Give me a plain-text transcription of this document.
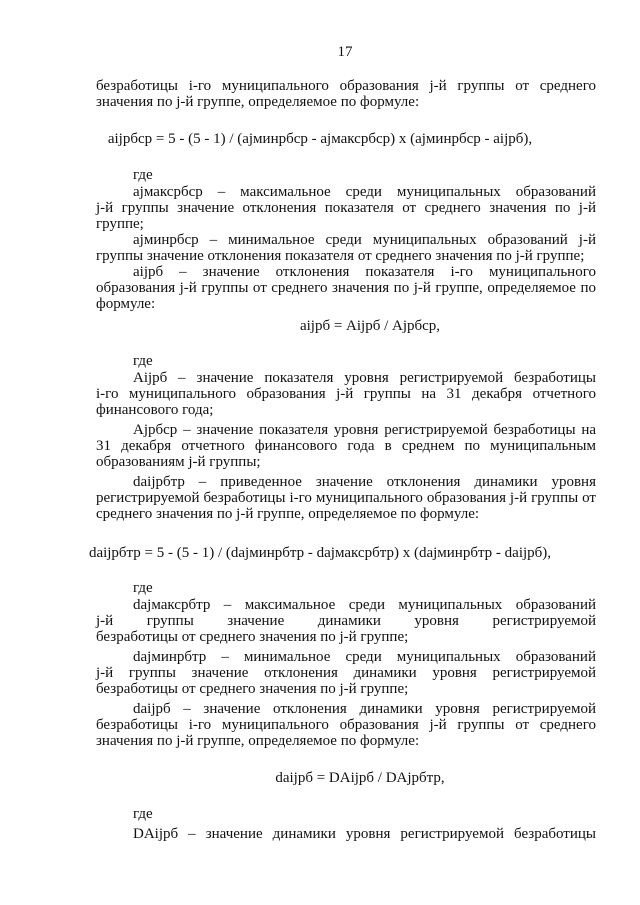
17

безработицы i-го муниципального образования j-й группы от среднего

значения по j-й группе, определяемое по формуле:

aijрбср = 5 - (5 - 1) / (ajминрбср - ajмаксрбср) x (ajминрбср - aijрб),
где

ajмаксрбср – максимальное среди муниципальных образований

j-й группы значение отклонения показателя от среднего значения по j-й

группе;

ajминрбср – минимальное среди муниципальных образований j-й

группы значение отклонения показателя от среднего значения по j-й группе;

aijрб – значение отклонения показателя i-го муниципального

образования j-й группы от среднего значения по j-й группе, определяемое по

формуле:

aijрб = Aijрб / Ajрбср,
где

Aijрб – значение показателя уровня регистрируемой безработицы

i-го муниципального образования j-й группы на 31 декабря отчетного

финансового года;

Ajрбср – значение показателя уровня регистрируемой безработицы на

31 декабря отчетного финансового года в среднем по муниципальным

образованиям j-й группы;

daijрбтр – приведенное значение отклонения динамики уровня

регистрируемой безработицы i-го муниципального образования j-й группы от

среднего значения по j-й группе, определяемое по формуле:

daijрбтр = 5 - (5 - 1) / (dajминрбтр - dajмаксрбтр) x (dajминрбтр - daijрб),
где

dajмаксрбтр – максимальное среди муниципальных образований

j-й группы значение динамики уровня регистрируемой

безработицы от среднего значения по j-й группе;

dajминрбтр – минимальное среди муниципальных образований

j-й группы значение отклонения динамики уровня регистрируемой

безработицы от среднего значения по j-й группе;

daijрб – значение отклонения динамики уровня регистрируемой

безработицы i-го муниципального образования j-й группы от среднего

значения по j-й группе, определяемое по формуле:

daijрб = DAijрб / DAjрбтр,
где

DAijрб – значение динамики уровня регистрируемой безработицы
